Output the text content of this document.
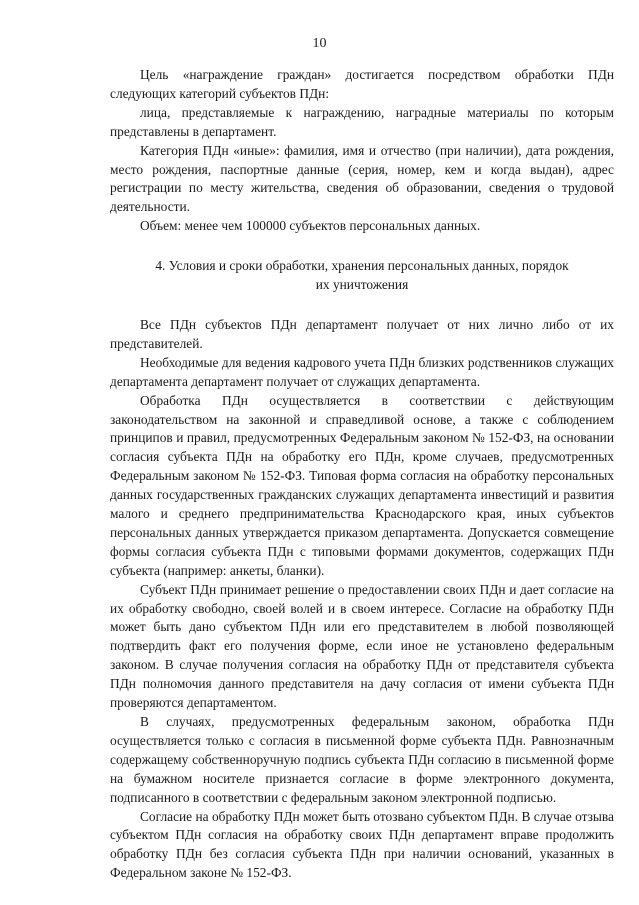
10

Цель «награждение граждан» достигается посредством обработки ПДн следующих категорий субъектов ПДн:

лица, представляемые к награждению, наградные материалы по которым представлены в департамент.

Категория ПДн «иные»: фамилия, имя и отчество (при наличии), дата рождения, место рождения, паспортные данные (серия, номер, кем и когда выдан), адрес регистрации по месту жительства, сведения об образовании, сведения о трудовой деятельности.

Объем: менее чем 100000 субъектов персональных данных.

4. Условия и сроки обработки, хранения персональных данных, порядок их уничтожения

Все ПДн субъектов ПДн департамент получает от них лично либо от их представителей.

Необходимые для ведения кадрового учета ПДн близких родственников служащих департамента департамент получает от служащих департамента.

Обработка ПДн осуществляется в соответствии с действующим законодательством на законной и справедливой основе, а также с соблюдением принципов и правил, предусмотренных Федеральным законом № 152-ФЗ, на основании согласия субъекта ПДн на обработку его ПДн, кроме случаев, предусмотренных Федеральным законом № 152-ФЗ. Типовая форма согласия на обработку персональных данных государственных гражданских служащих департамента инвестиций и развития малого и среднего предпринимательства Краснодарского края, иных субъектов персональных данных утверждается приказом департамента. Допускается совмещение формы согласия субъекта ПДн с типовыми формами документов, содержащих ПДн субъекта (например: анкеты, бланки).

Субъект ПДн принимает решение о предоставлении своих ПДн и дает согласие на их обработку свободно, своей волей и в своем интересе. Согласие на обработку ПДн может быть дано субъектом ПДн или его представителем в любой позволяющей подтвердить факт его получения форме, если иное не установлено федеральным законом. В случае получения согласия на обработку ПДн от представителя субъекта ПДн полномочия данного представителя на дачу согласия от имени субъекта ПДн проверяются департаментом.

В случаях, предусмотренных федеральным законом, обработка ПДн осуществляется только с согласия в письменной форме субъекта ПДн. Равнозначным содержащему собственноручную подпись субъекта ПДн согласию в письменной форме на бумажном носителе признается согласие в форме электронного документа, подписанного в соответствии с федеральным законом электронной подписью.

Согласие на обработку ПДн может быть отозвано субъектом ПДн. В случае отзыва субъектом ПДн согласия на обработку своих ПДн департамент вправе продолжить обработку ПДн без согласия субъекта ПДн при наличии оснований, указанных в Федеральном законе № 152-ФЗ.
